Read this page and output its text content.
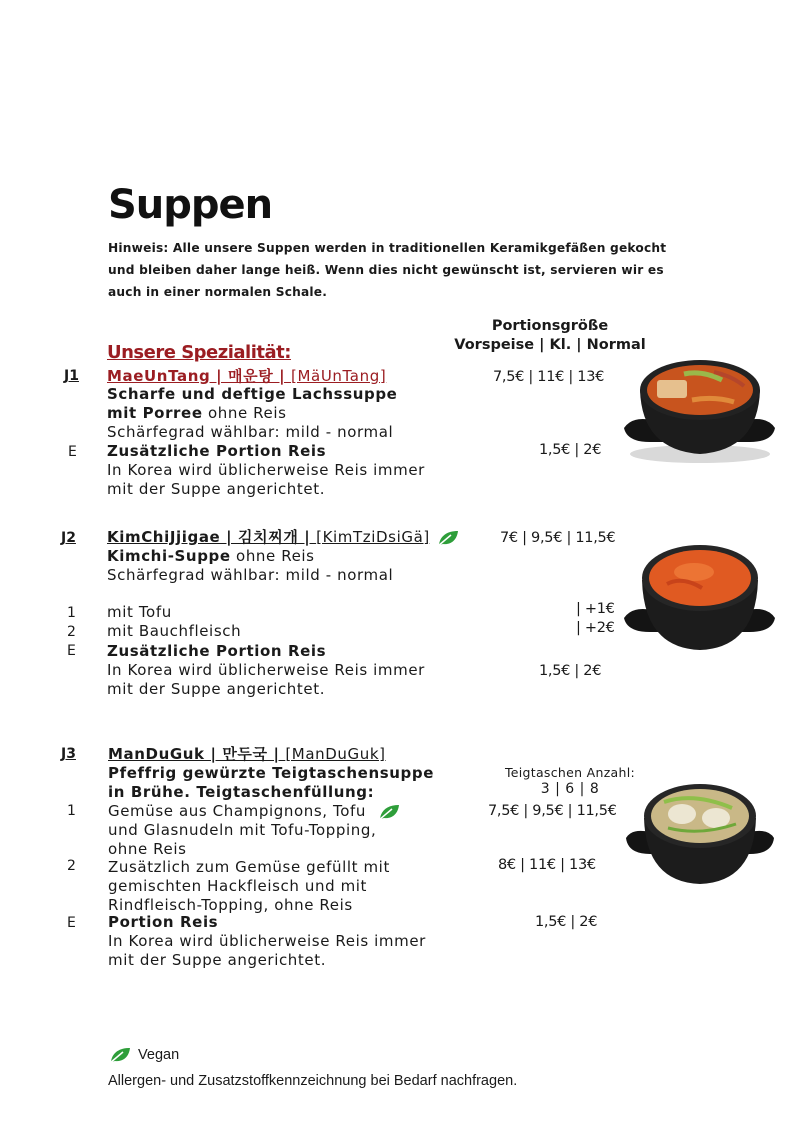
Suppen
Hinweis: Alle unsere Suppen werden in traditionellen Keramikgefäßen gekocht und bleiben daher lange heiß. Wenn dies nicht gewünscht ist, servieren wir es auch in einer normalen Schale.
Portionsgröße
Vorspeise | Kl. | Normal
Unsere Spezialität:
J1 MaeUnTang | 매운탕 | [MäUnTang]
Scharfe und deftige Lachssuppe
mit Porree ohne Reis
Schärfegrad wählbar: mild - normal
7,5€ | 11€ | 13€
E Zusätzliche Portion Reis
In Korea wird üblicherweise Reis immer
mit der Suppe angerichtet.
1,5€ | 2€
J2 KimChiJjigae | 김치찌개 | [KimTziDsiGä]
Kimchi-Suppe ohne Reis
Schärfegrad wählbar: mild - normal
7€ | 9,5€ | 11,5€
1 mit Tofu	| +1€
2 mit Bauchfleisch	| +2€
E Zusätzliche Portion Reis
In Korea wird üblicherweise Reis immer
mit der Suppe angerichtet.
1,5€ | 2€
J3 ManDuGuk | 만두국 | [ManDuGuk]
Pfeffrig gewürzte Teigtaschensuppe
in Brühe. Teigtaschenfüllung:
Teigtaschen Anzahl:
3 | 6 | 8
1 Gemüse aus Champignons, Tofu
und Glasnudeln mit Tofu-Topping,
ohne Reis
7,5€ | 9,5€ | 11,5€
2 Zusätzlich zum Gemüse gefüllt mit
gemischten Hackfleisch und mit
Rindfleisch-Topping, ohne Reis
8€ | 11€ | 13€
E Portion Reis
In Korea wird üblicherweise Reis immer
mit der Suppe angerichtet.
1,5€ | 2€
Vegan
Allergen- und Zusatzstoffkennzeichnung bei Bedarf nachfragen.
